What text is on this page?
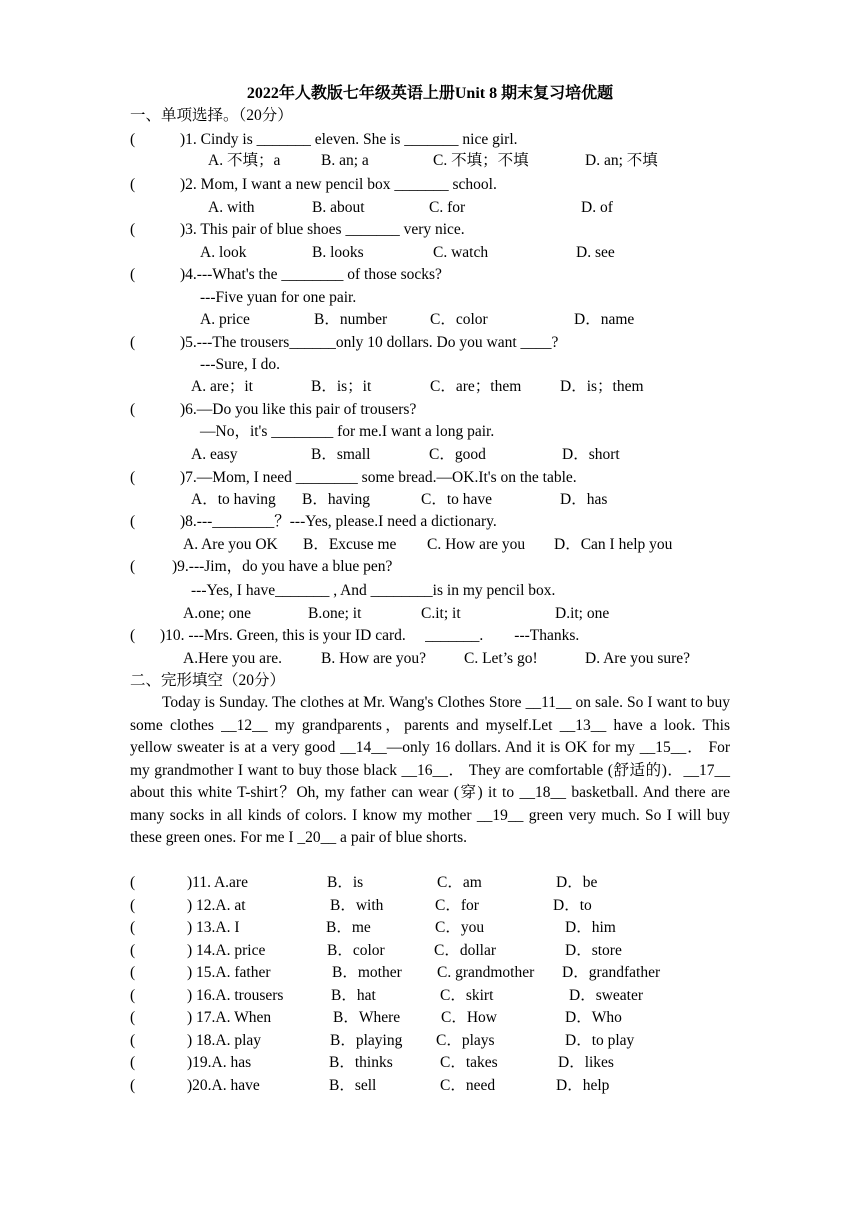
2022年人教版七年级英语上册Unit 8 期末复习培优题
一、单项选择。（20分）
(	)1. Cindy is _______ eleven. She is _______ nice girl.
A. 不填；a	B. an; a	C. 不填；不填	D. an; 不填
(	)2. Mom, I want a new pencil box _______ school.
A. with	B. about	C. for	D. of
(	)3. This pair of blue shoes _______ very nice.
A. look	B. looks	C. watch	D. see
(	)4.---What's the ________ of those socks?
---Five yuan for one pair.
A. price	B．number	C．color	D．name
(	)5.---The trousers______only 10 dollars. Do you want ____?
---Sure, I do.
A. are；it	B．is；it	C．are；them D．is；them
(	)6.—Do you like this pair of trousers?
—No，it's ________ for me.I want a long pair.
A. easy	B．small	C．good	D．short
(	)7.—Mom, I need ________ some bread.—OK.It's on the table.
A．to having B．having	C．to have	D．has
(	)8.---________？---Yes, please.I need a dictionary.
A. Are you OK B．Excuse me C. How are you D．Can I help you
( )9.---Jim，do you have a blue pen?
---Yes, I have_______ , And ________is in my pencil box.
A.one; one	B.one; it	C.it; it	D.it; one
( )10. ---Mrs. Green, this is your ID card.     _______.        ---Thanks.
A.Here you are.	B. How are you? C. Let’s go!	D. Are you sure?
二、完形填空（20分）
Today is Sunday. The clothes at Mr. Wang's Clothes Store __11__ on sale. So I want to buy some clothes __12__ my grandparents，parents and myself.Let __13__ have a look. This yellow sweater is at a very good __14__—only 16 dollars. And it is OK for my __15__． For my grandmother I want to buy those black __16__． They are comfortable (舒适的)．__17__ about this white T-shirt？Oh, my father can wear (穿) it to __18__ basketball. And there are many socks in all kinds of colors. I know my mother __19__ green very much. So I will buy these green ones. For me I _20__ a pair of blue shorts.
(	)11. A.are	B．is	C．am	D．be
(	) 12.A. at	B．with	C．for	D．to
(	) 13.A. I	B．me	C．you	D．him
(	) 14.A. price	B．color	C．dollar	D．store
(	) 15.A. father	B．mother C. grandmother D．grandfather
(	) 16.A. trousers	B．hat	C．skirt	D．sweater
(	) 17.A. When	B．Where	C．How	D．Who
(	) 18.A. play	B．playing C．plays	D．to play
(	)19.A. has	B．thinks	C．takes	D．likes
(	)20.A. have	B．sell	C．need	D．help
